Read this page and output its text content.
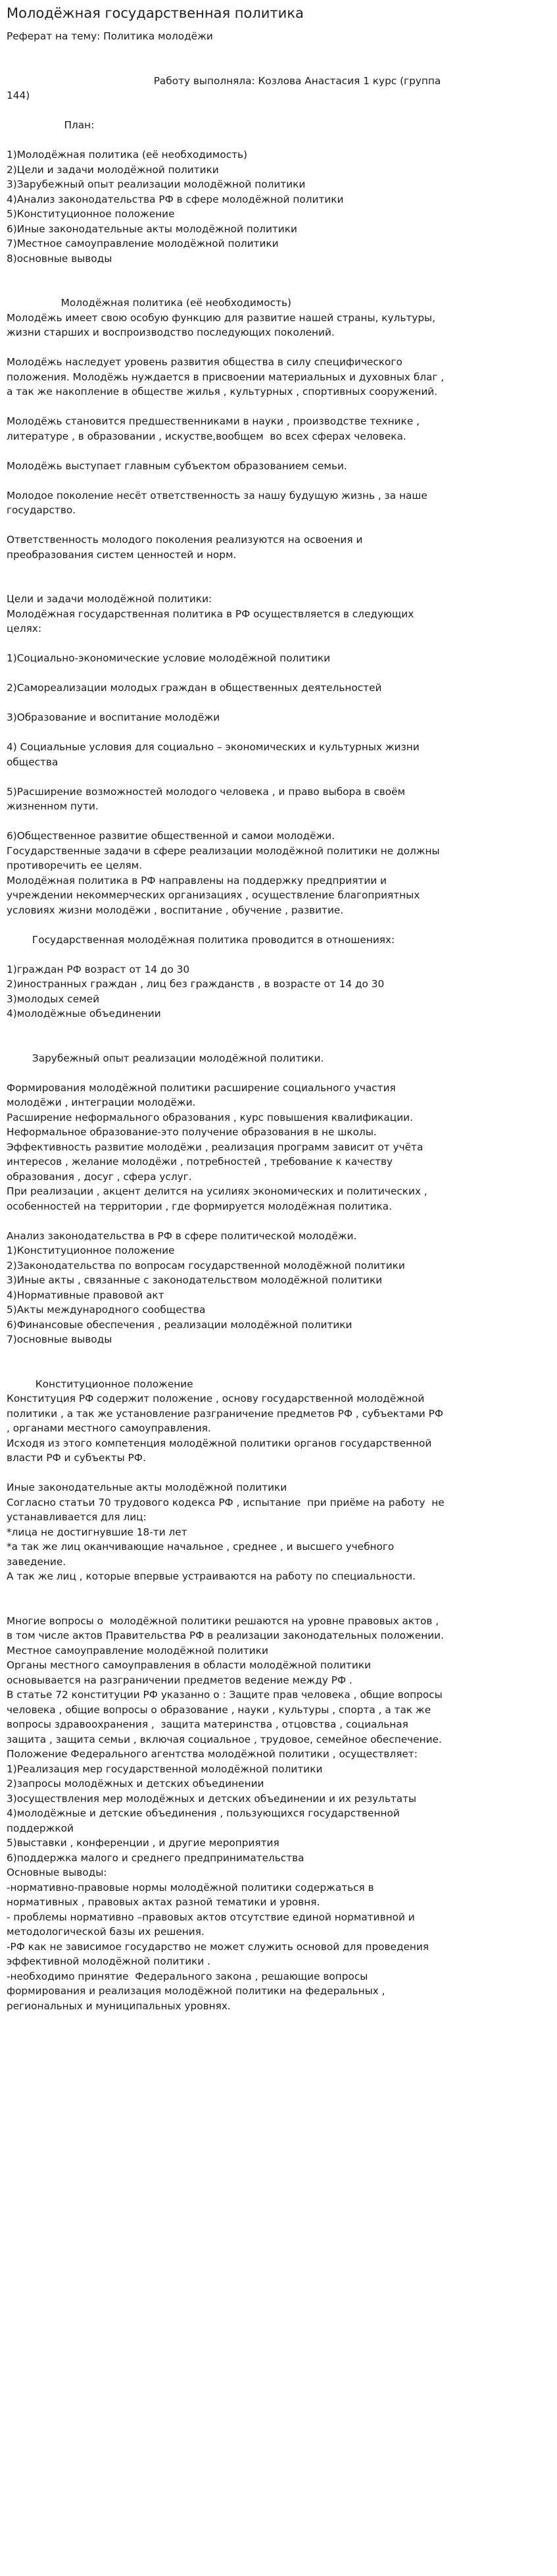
Молодёжная государственная политика
Реферат на тему: Политика молодёжи

Работу выполняла: Козлова Анастасия 1 курс (группа
144)

План:

1)Молодёжная политика (её необходимость)
2)Цели и задачи молодёжной политики
3)Зарубежный опыт реализации молодёжной политики
4)Анализ законодательства РФ в сфере молодёжной политики
5)Конституционное положение
6)Иные законодательные акты молодёжной политики
7)Местное самоуправление молодёжной политики
8)основные выводы

Молодёжная политика (её необходимость)
Молодёжь имеет свою особую функцию для развитие нашей страны, культуры,
жизни старших и воспроизводство последующих поколений.

Молодёжь наследует уровень развития общества в силу специфического
положения. Молодёжь нуждается в присвоении материальных и духовных благ ,
а так же накопление в обществе жилья , культурных , спортивных сооружений.

Молодёжь становится предшественниками в науки , производстве технике ,
литературе , в образовании , искустве,вообщем  во всех сферах человека.

Молодёжь выступает главным субъектом образованием семьи.

Молодое поколение несёт ответственность за нашу будущую жизнь , за наше
государство.

Ответственность молодого поколения реализуются на освоения и
преобразования систем ценностей и норм.

Цели и задачи молодёжной политики:
Молодёжная государственная политика в РФ осуществляется в следующих
целях:

1)Социально-экономические условие молодёжной политики

2)Самореализации молодых граждан в общественных деятельностей

3)Образование и воспитание молодёжи

4) Социальные условия для социально – экономических и культурных жизни
общества

5)Расширение возможностей молодого человека , и право выбора в своём
жизненном пути.

6)Общественное развитие общественной и самои молодёжи.
Государственные задачи в сфере реализации молодёжной политики не должны
противоречить ее целям.
Молодёжная политика в РФ направлены на поддержку предприятии и
учреждении некоммерческих организациях , осуществление благоприятных
условиях жизни молодёжи , воспитание , обучение , развитие.

Государственная молодёжная политика проводится в отношениях:

1)граждан РФ возраст от 14 до 30
2)иностранных граждан , лиц без гражданств , в возрасте от 14 до 30
3)молодых семей
4)молодёжные объединении

Зарубежный опыт реализации молодёжной политики.

Формирования молодёжной политики расширение социального участия
молодёжи , интеграции молодёжи.
Расширение неформального образования , курс повышения квалификации.
Неформальное образование-это получение образования в не школы.
Эффективность развитие молодёжи , реализация программ зависит от учёта
интересов , желание молодёжи , потребностей , требование к качеству
образования , досуг , сфера услуг.
При реализации , акцент делится на усилиях экономических и политических ,
особенностей на территории , где формируется молодёжная политика.

Анализ законодательства в РФ в сфере политической молодёжи.
1)Конституционное положение
2)Законодательства по вопросам государственной молодёжной политики
3)Иные акты , связанные с законодательством молодёжной политики
4)Нормативные правовой акт
5)Акты международного сообщества
6)Финансовые обеспечения , реализации молодёжной политики
7)основные выводы

Конституционное положение
Конституция РФ содержит положение , основу государственной молодёжной
политики , а так же установление разграничение предметов РФ , субъектами РФ
, органами местного самоуправления.
Исходя из этого компетенция молодёжной политики органов государственной
власти РФ и субъекты РФ.

Иные законодательные акты молодёжной политики
Согласно статьи 70 трудового кодекса РФ , испытание  при приёме на работу  не
устанавливается для лиц:
*лица не достигнувшие 18-ти лет
*а так же лиц оканчивающие начальное , среднее , и высшего учебного
заведение.
А так же лиц , которые впервые устраиваются на работу по специальности.

Многие вопросы о  молодёжной политики решаются на уровне правовых актов ,
в том числе актов Правительства РФ в реализации законодательных положении.
Местное самоуправление молодёжной политики
Органы местного самоуправления в области молодёжной политики
основывается на разграничении предметов ведение между РФ .
В статье 72 конституции РФ указанно о : Защите прав человека , общие вопросы
человека , общие вопросы о образование , науки , культуры , спорта , а так же
вопросы здравоохранения ,  защита материнства , отцовства , социальная
защита , защита семьи , включая социальное , трудовое, семейное обеспечение.
Положение Федерального агентства молодёжной политики , осуществляет:
1)Реализация мер государственной молодёжной политики
2)запросы молодёжных и детских объединении
3)осуществления мер молодёжных и детских объединении и их результаты
4)молодёжные и детские объединения , пользующихся государственной
поддержкой
5)выставки , конференции , и другие мероприятия
6)поддержка малого и среднего предпринимательства
Основные выводы:
-нормативно-правовые нормы молодёжной политики содержаться в
нормативных , правовых актах разной тематики и уровня.
- проблемы нормативно –правовых актов отсутствие единой нормативной и
методологической базы их решения.
-РФ как не зависимое государство не может служить основой для проведения
эффективной молодёжной политики .
-необходимо принятие  Федерального закона , решающие вопросы
формирования и реализация молодёжной политики на федеральных ,
региональных и муниципальных уровнях.
